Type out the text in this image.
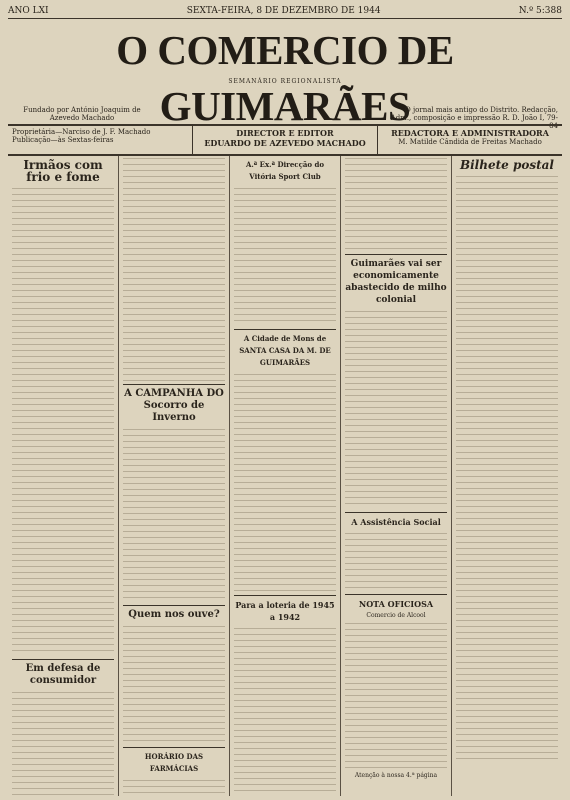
ANO LXI	SEXTA-FEIRA, 8 DE DEZEMBRO DE 1944	N.º 5:388
O COMERCIO DE GUIMARÃES
SEMANÁRIO REGIONALISTA
Fundado por António Joaquim de Azevedo Machado
O jornal mais antigo do Distrito. Redacção, Adm., composição e impressão R. D. João I, 79-84
Proprietária—Narciso de J. F. Machado
Publicação—às Sextas-feiras
DIRECTOR E EDITOR
EDUARDO DE AZEVEDO MACHADO
REDACTORA E ADMINISTRADORA
M. Matilde Cândida de Freitas Machado
Irmãos com frio e fome
Em defesa de consumidor
A CAMPANHA DO Socorro de Inverno
Quem nos ouve?
HORÁRIO DAS FARMÁCIAS
A.ª Ex.ª Direcção do Vitória Sport Club
A Cidade de Mons de SANTA CASA DA M. DE GUIMARÃES
Para a loteria de 1945 a 1942
Guimarães vai ser economicamente abastecido de milho colonial
A Assistência Social
NOTA OFICIOSA
Comercio de Alcool
Atenção à nossa 4.ª página
Bilhete postal
